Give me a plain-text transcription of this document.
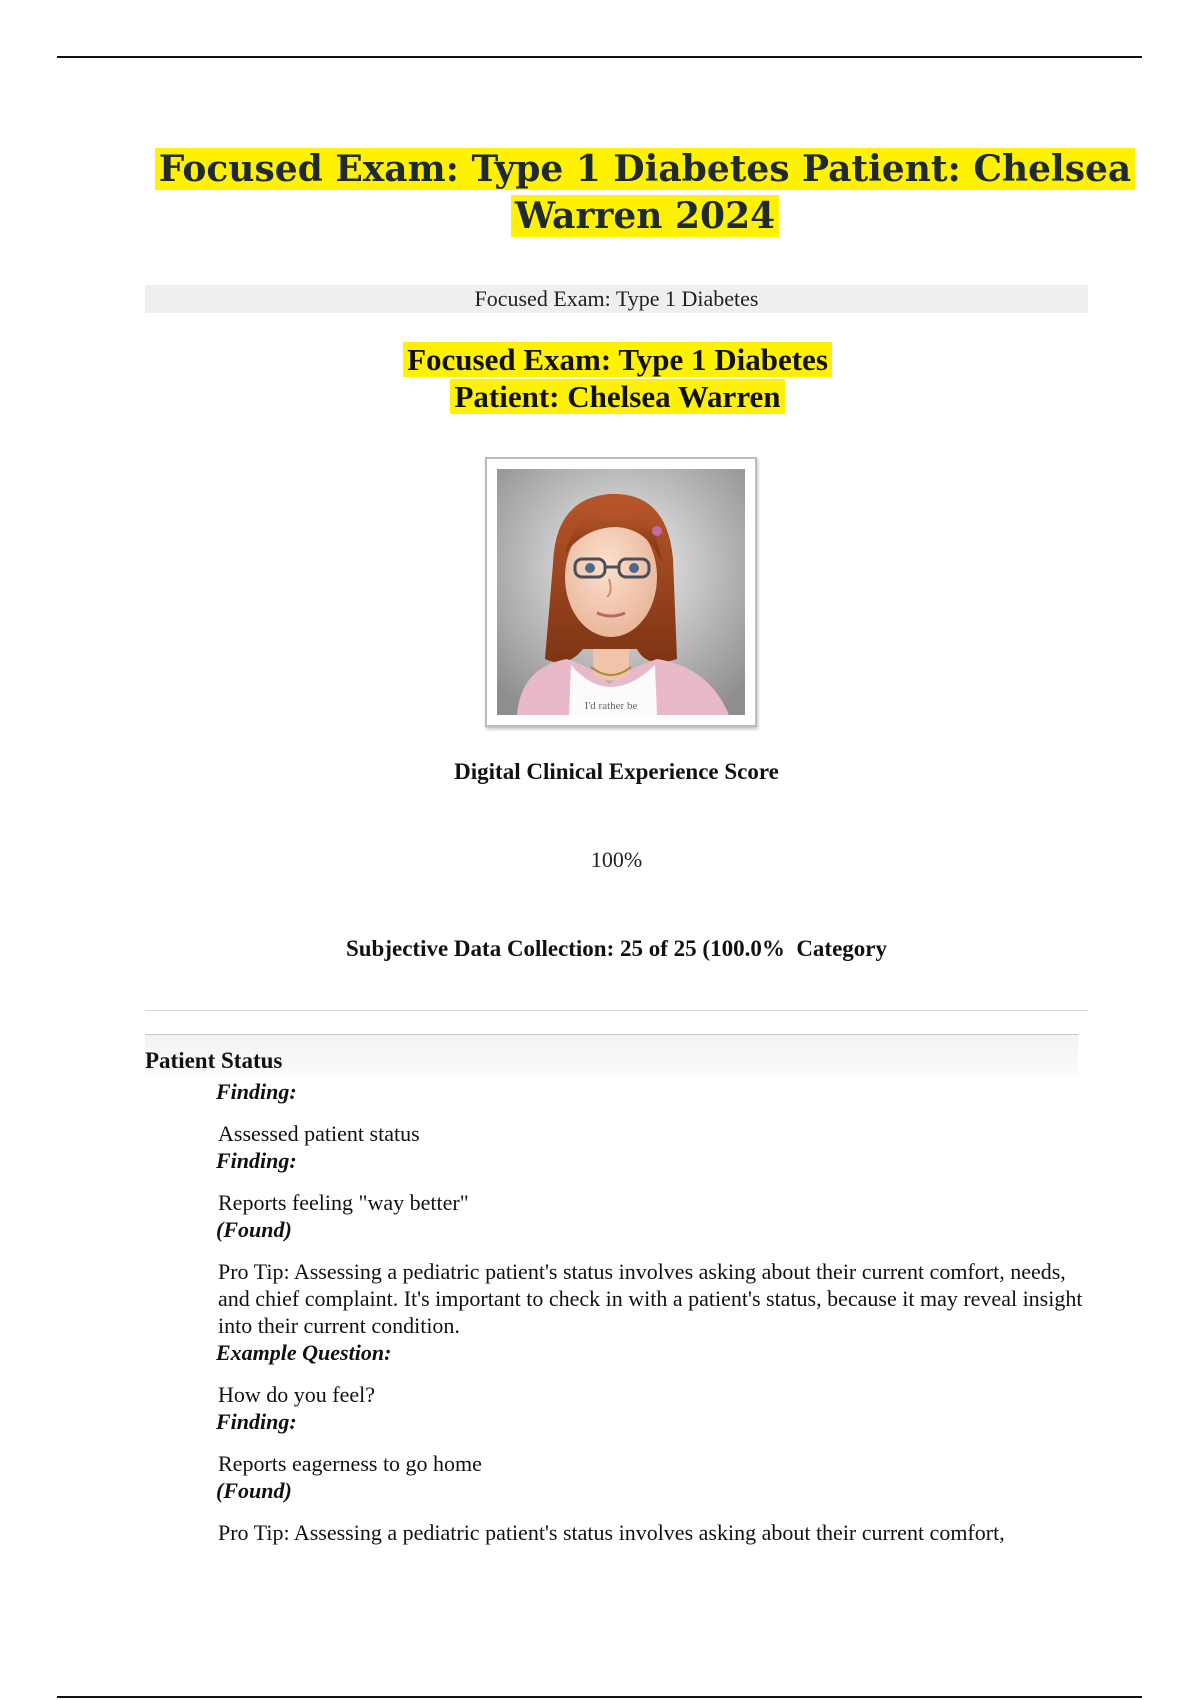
Focused Exam: Type 1 Diabetes Patient: Chelsea Warren 2024
Focused Exam: Type 1 Diabetes
Focused Exam: Type 1 Diabetes Patient: Chelsea Warren
I'd rather be
Digital Clinical Experience Score
100%
Subjective Data Collection: 25 of 25 (100.0%  Category
Patient Status

Finding:

Assessed patient status

Finding:

Reports feeling "way better"

(Found)

Pro Tip: Assessing a pediatric patient's status involves asking about their current comfort, needs, and chief complaint. It's important to check in with a patient's status, because it may reveal insight into their current condition.

Example Question:

How do you feel?

Finding:

Reports eagerness to go home

(Found)

Pro Tip: Assessing a pediatric patient's status involves asking about their current comfort,
